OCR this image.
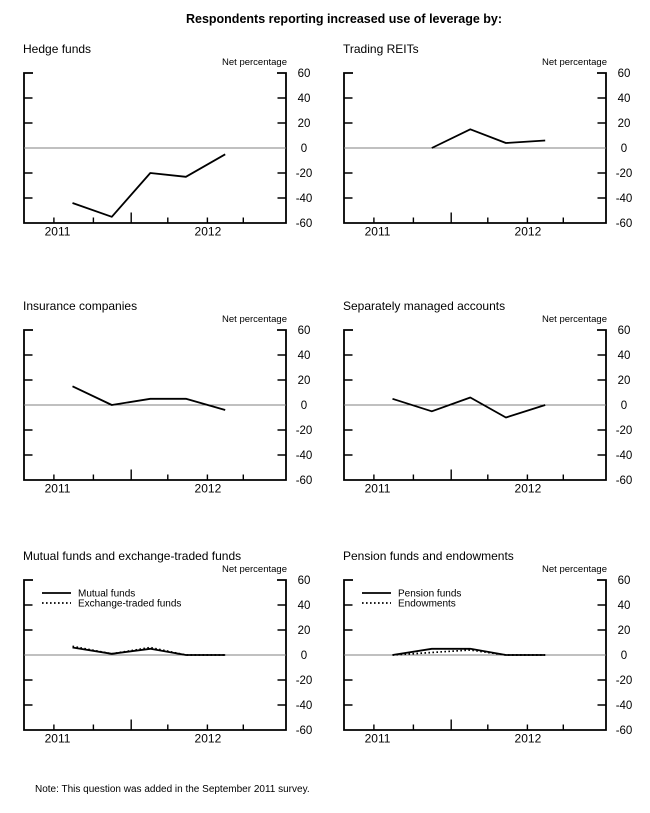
Respondents reporting increased use of leverage by:
Hedge funds
Net percentage
60
40
20
0
-20
-40
-60
2011	2012
Trading REITs
Net percentage
60
40
20
0
-20
-40
-60
2011	2012
Insurance companies
Net percentage
60
40
20
0
-20
-40
-60
2011	2012
Separately managed accounts
Net percentage
60
40
20
0
-20
-40
-60
2011	2012
Mutual funds and exchange-traded funds
Net percentage
Mutual funds
Exchange-traded funds
60
40
20
0
-20
-40
-60
2011	2012
Pension funds and endowments
Net percentage
Pension funds
Endowments
60
40
20
0
-20
-40
-60
2011	2012
Note: This question was added in the September 2011 survey.
